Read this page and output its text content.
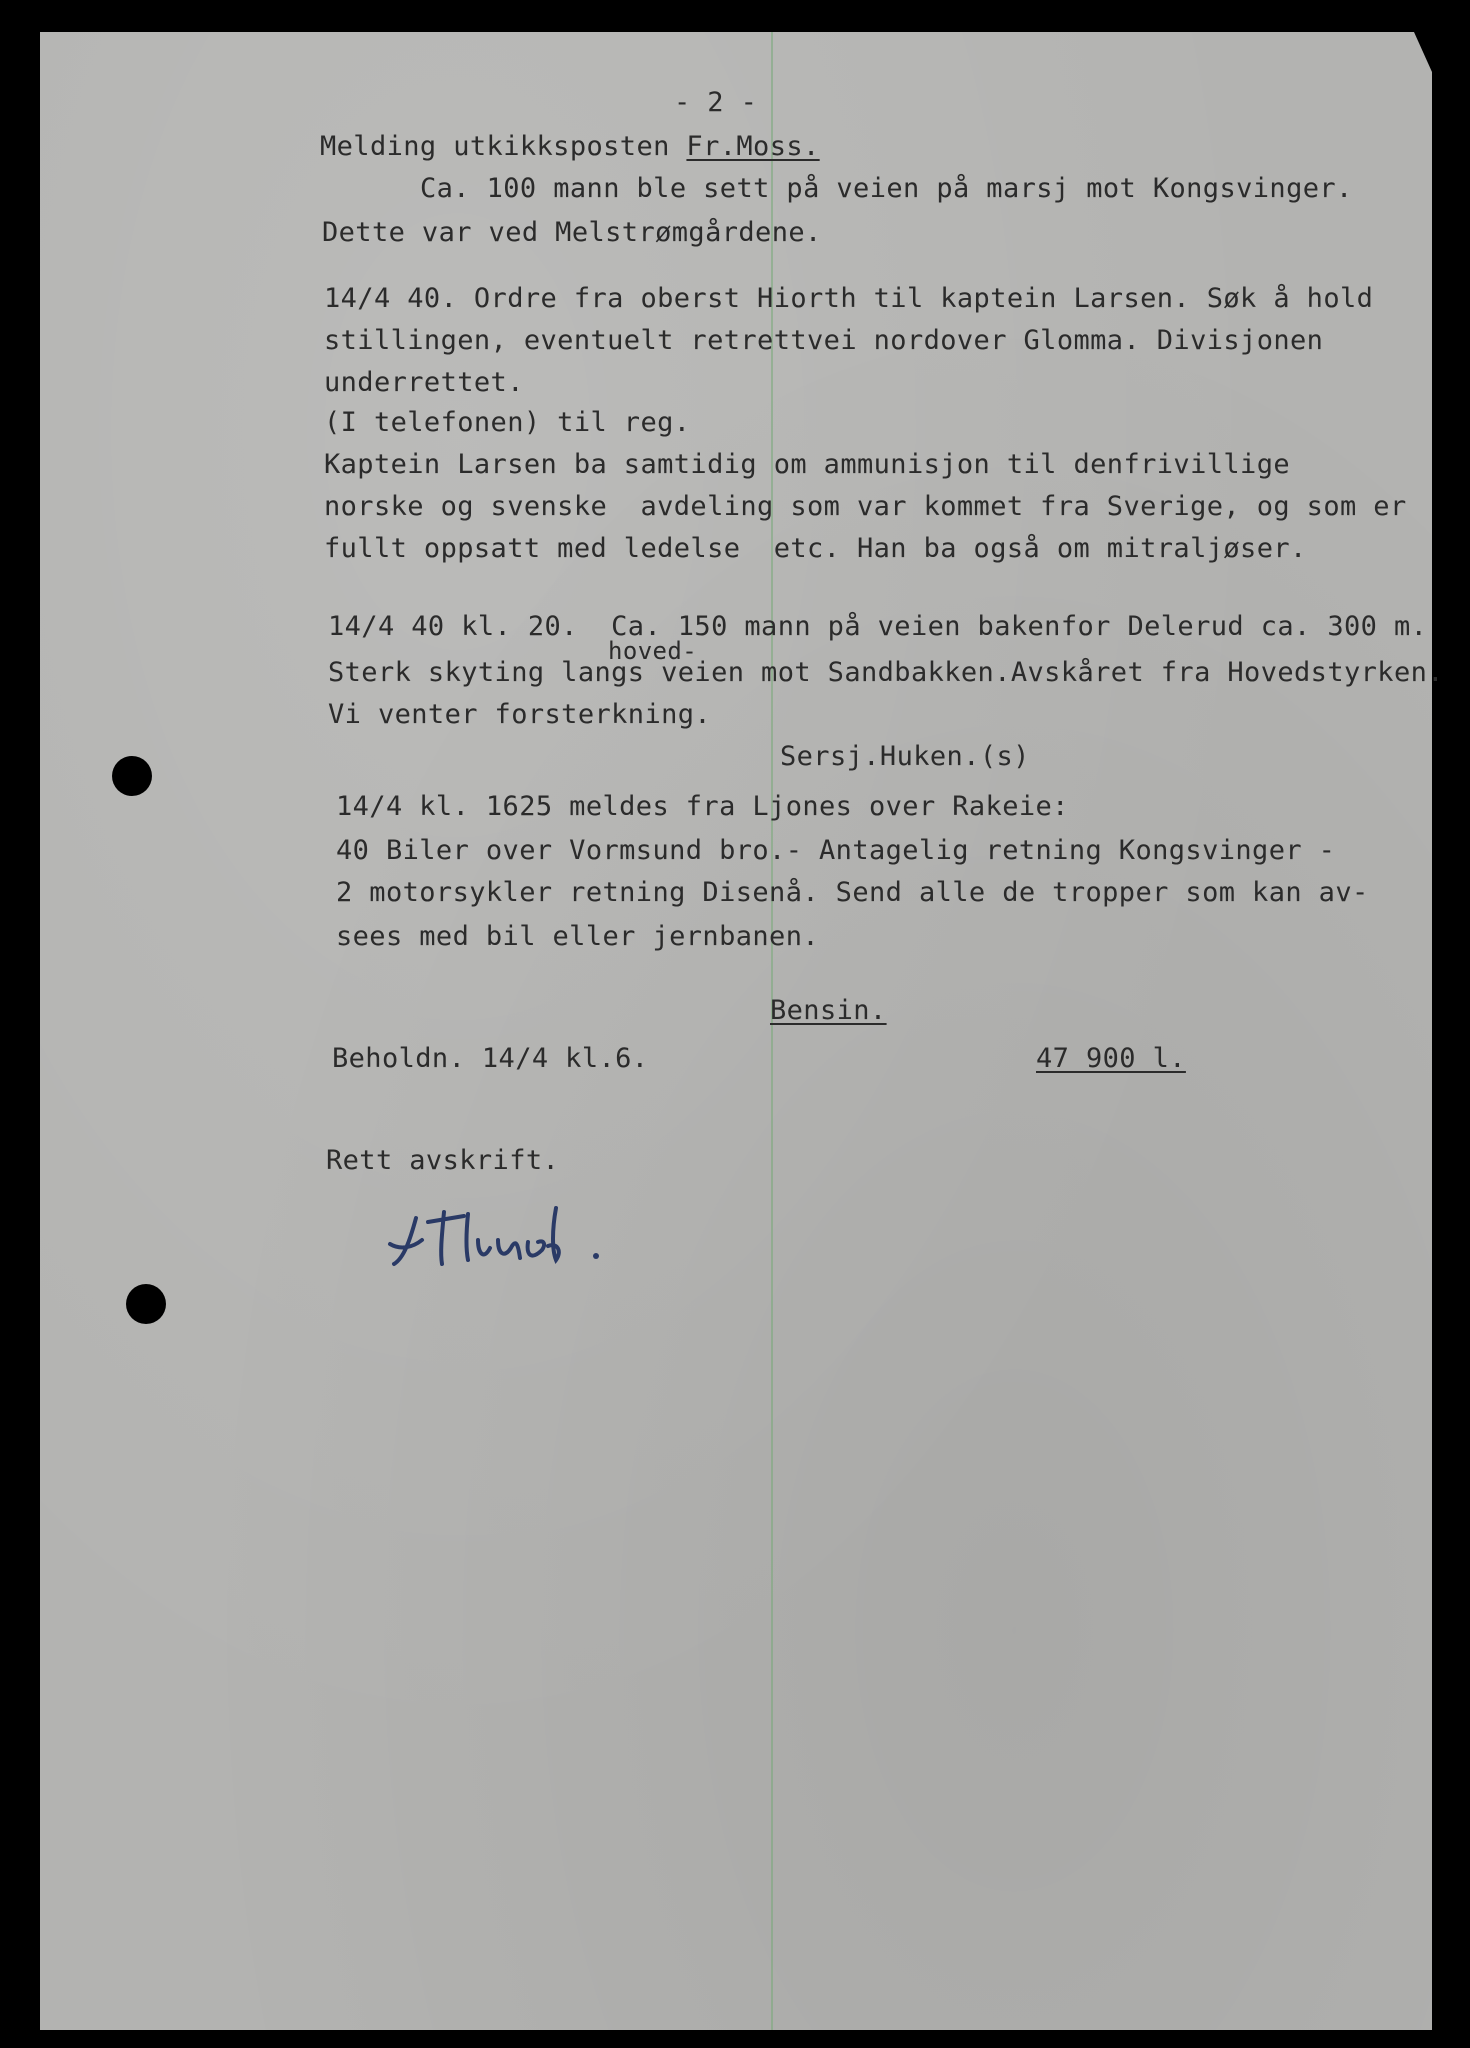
- 2 -
Melding utkikksposten Fr.Moss.
Ca. 100 mann ble sett på veien på marsj mot Kongsvinger.
Dette var ved Melstrømgårdene.
14/4 40. Ordre fra oberst Hiorth til kaptein Larsen. Søk å hold
stillingen, eventuelt retrettvei nordover Glomma. Divisjonen
underrettet.
(I telefonen) til reg.
Kaptein Larsen ba samtidig om ammunisjon til denfrivillige
norske og svenske  avdeling som var kommet fra Sverige, og som er
fullt oppsatt med ledelse  etc. Han ba også om mitraljøser.
14/4 40 kl. 20.  Ca. 150 mann på veien bakenfor Delerud ca. 300 m.
hoved-
Sterk skyting langs veien mot Sandbakken.Avskåret fra Hovedstyrken.
Vi venter forsterkning.
Sersj.Huken.(s)
14/4 kl. 1625 meldes fra Ljones over Rakeie:
40 Biler over Vormsund bro.- Antagelig retning Kongsvinger -
2 motorsykler retning Disenå. Send alle de tropper som kan av-
sees med bil eller jernbanen.
Bensin.
Beholdn. 14/4 kl.6.	47 900 l.
Rett avskrift.
